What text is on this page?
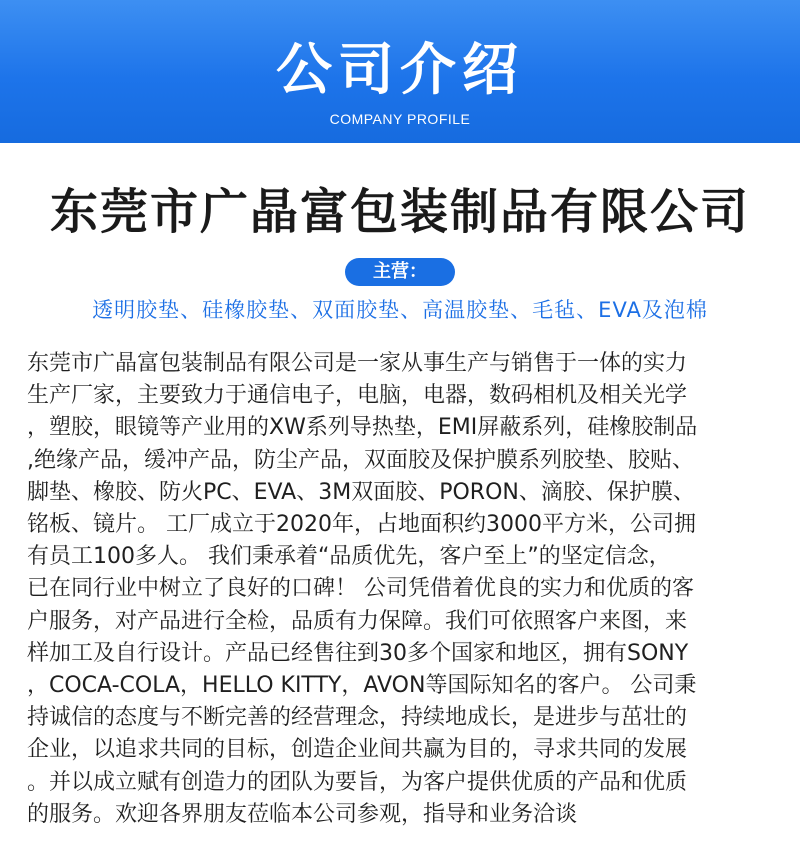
公司介绍
COMPANY PROFILE
东莞市广晶富包装制品有限公司
主营：
透明胶垫、硅橡胶垫、双面胶垫、高温胶垫、毛毡、EVA及泡棉
东莞市广晶富包装制品有限公司是一家从事生产与销售于一体的实力
生产厂家，主要致力于通信电子，电脑，电器，数码相机及相关光学
，塑胶，眼镜等产业用的XW系列导热垫，EMI屏蔽系列，硅橡胶制品
,绝缘产品，缓冲产品，防尘产品，双面胶及保护膜系列胶垫、胶贴、
脚垫、橡胶、防火PC、EVA、3M双面胶、PORON、滴胶、保护膜、
铭板、镜片。 工厂成立于2020年，占地面积约3000平方米，公司拥
有员工100多人。 我们秉承着“品质优先，客户至上”的坚定信念，
已在同行业中树立了良好的口碑！ 公司凭借着优良的实力和优质的客
户服务，对产品进行全检，品质有力保障。我们可依照客户来图，来
样加工及自行设计。产品已经售往到30多个国家和地区，拥有SONY
，COCA-COLA，HELLO KITTY，AVON等国际知名的客户。 公司秉
持诚信的态度与不断完善的经营理念，持续地成长，是进步与茁壮的
企业，以追求共同的目标，创造企业间共赢为目的，寻求共同的发展
。并以成立赋有创造力的团队为要旨，为客户提供优质的产品和优质
的服务。欢迎各界朋友莅临本公司参观，指导和业务洽谈
